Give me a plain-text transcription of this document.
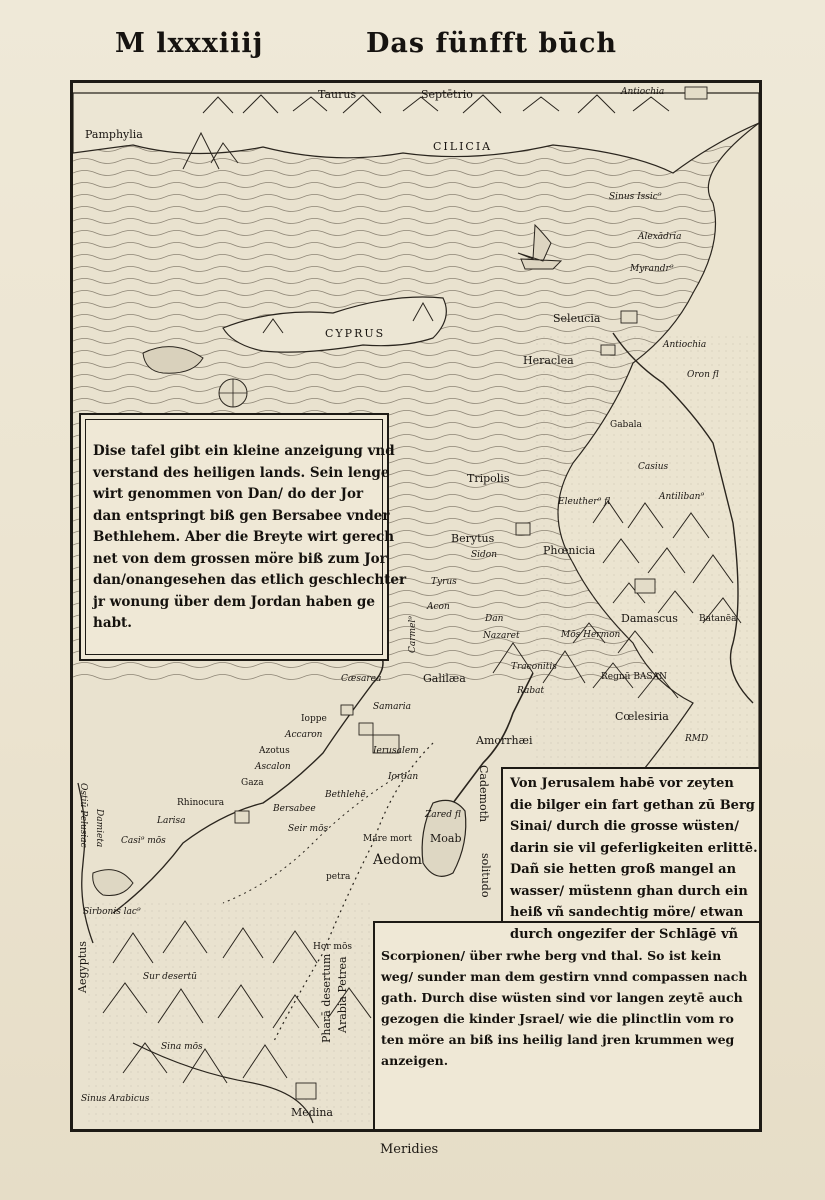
M lxxxiiij	Das fünfft būch
Taurus	Septētrio	Antiochia
Pamphylia
CILICIA
Sinus Issic⁹
Alexādria
Myrandr⁹
CYPRUS
Seleucia
Heraclea
Antiochia
Oron fl
Gabala
Casius
Tripolis
Eleuther⁹ fl	Antiliban⁹
Berytus
Sidon	Phœnicia
Tyrus
Acon
Dan
Carmel⁹	Damascus Batanēa
Nazaret	Mōs Hermon
Traconitis
Rabat
Regnū BASAN
Cæsarea	Galilæa
Samaria
Cœlesiria
Amorrhæi	RMD
Ioppe
Accaron
Azotus
Ascalon
Gaza
Ierusalem
Iordan
Bethlehē
Bersabee
Rhinocura
Larisa
Casi⁹ mōs
Damieta
Ostiū Pelusiac
Sirbonis lac⁹
Aegyptus
Cademoth
Zared fl
Moab
Mare mort
Aedom
petra
Seir mōs
solitudo
Hor mōs
Arabia Petrea
Pharā desertum
Sur desertū
Sina mōs
Sinus Arabicus
Medina
Dise tafel gibt ein kleine anzeigung vnd
verstand des heiligen lands. Sein lenge
wirt genommen von Dan/ do der Jor
dan entspringt biß gen Bersabee vnder
Bethlehem. Aber die Breyte wirt gerech
net von dem grossen möre biß zum Jor
dan/onangesehen das etlich geschlechter
jr wonung über dem Jordan haben ge
habt.
Von Jerusalem habē vor zeyten
die bilger ein fart gethan zū Berg
Sinai/ durch die grosse wüsten/
darin sie vil geferligkeiten erlittē.
Dañ sie hetten groß mangel an
wasser/ müstenn ghan durch ein
heiß vñ sandechtig möre/ etwan
durch ongezifer der Schlāgē vñ
Scorpionen/ über rwhe berg vnd thal. So ist kein
weg/ sunder man dem gestirn vnnd compassen nach
gath. Durch dise wüsten sind vor langen zeytē auch
gezogen die kinder Jsrael/ wie die plinctlin vom ro
ten möre an biß ins heilig land jren krummen weg
anzeigen.
Meridies
